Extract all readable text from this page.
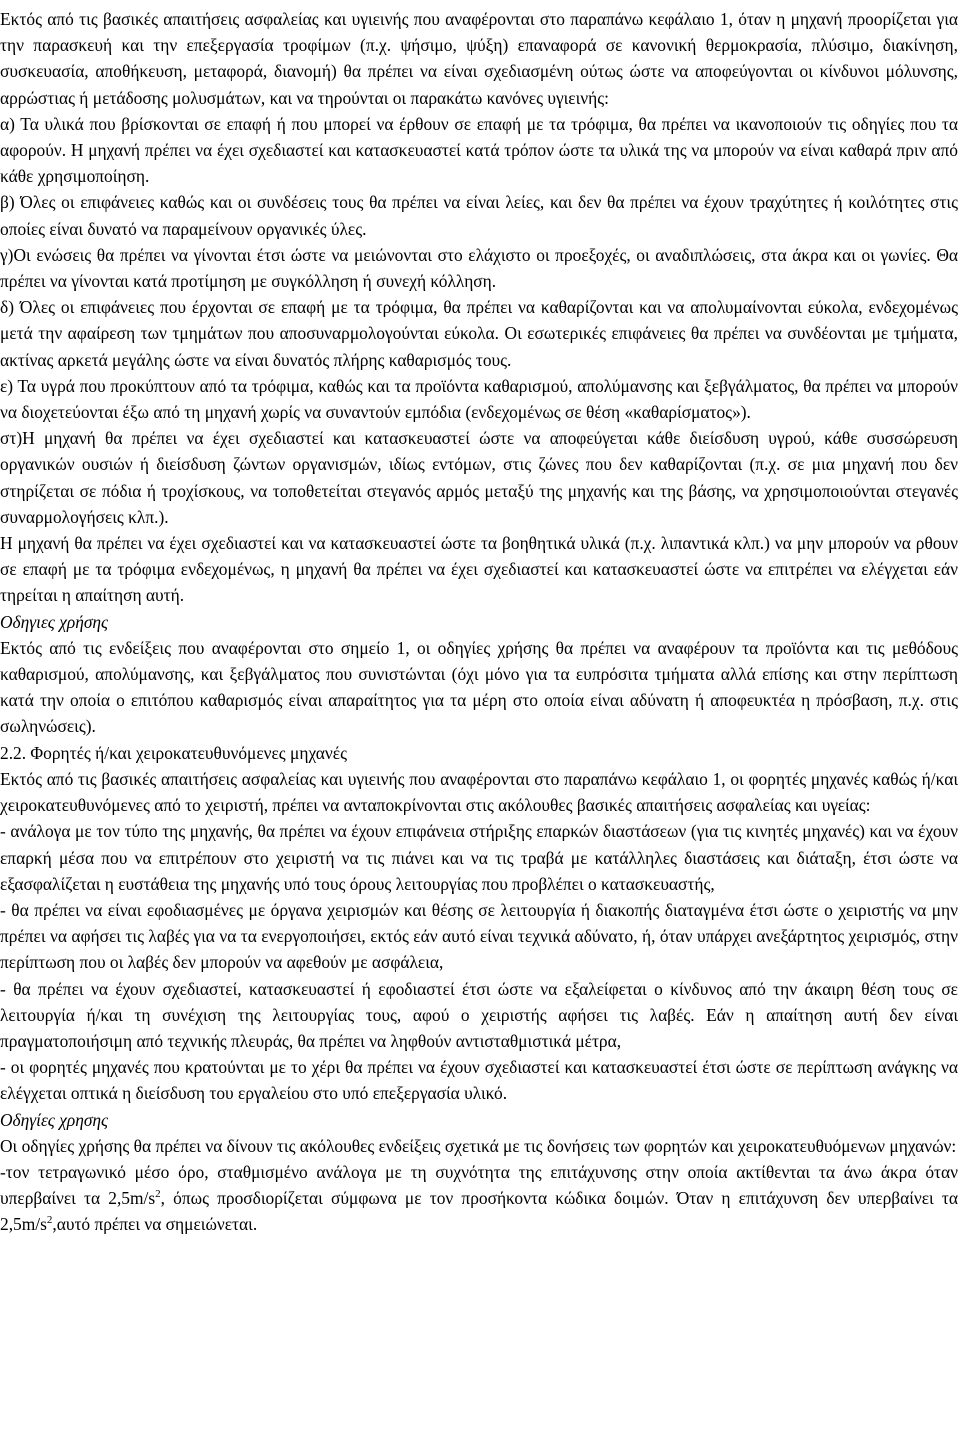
Εκτός από τις βασικές απαιτήσεις ασφαλείας και υγιεινής που αναφέρονται στο παραπάνω κεφάλαιο 1, όταν η μηχανή προορίζεται για την παρασκευή και την επεξεργασία τροφίμων (π.χ. ψήσιμο, ψύξη) επαναφορά σε κανονική θερμοκρασία, πλύσιμο, διακίνηση, συσκευασία, αποθήκευση, μεταφορά, διανομή) θα πρέπει να είναι σχεδιασμένη ούτως ώστε να αποφεύγονται οι κίνδυνοι μόλυνσης, αρρώστιας ή μετάδοσης μολυσμάτων, και να τηρούνται οι παρακάτω κανόνες υγιεινής:

α) Τα υλικά που βρίσκονται σε επαφή ή που μπορεί να έρθουν σε επαφή με τα τρόφιμα, θα πρέπει να ικανοποιούν τις οδηγίες που τα αφορούν. Η μηχανή πρέπει να έχει σχεδιαστεί και κατασκευαστεί κατά τρόπον ώστε τα υλικά της να μπορούν να είναι καθαρά πριν από κάθε χρησιμοποίηση.

β) Όλες οι επιφάνειες καθώς και οι συνδέσεις τους θα πρέπει να είναι λείες, και δεν θα πρέπει να έχουν τραχύτητες ή κοιλότητες στις οποίες είναι δυνατό να παραμείνουν οργανικές ύλες.

γ)Οι ενώσεις θα πρέπει να γίνονται έτσι ώστε να μειώνονται στο ελάχιστο οι προεξοχές, οι αναδιπλώσεις, στα άκρα και οι γωνίες. Θα πρέπει να γίνονται κατά προτίμηση με συγκόλληση ή συνεχή κόλληση.

δ) Όλες οι επιφάνειες που έρχονται σε επαφή με τα τρόφιμα, θα πρέπει να καθαρίζονται και να απολυμαίνονται εύκολα, ενδεχομένως μετά την αφαίρεση των τμημάτων που αποσυναρμολογούνται εύκολα. Οι εσωτερικές επιφάνειες θα πρέπει να συνδέονται με τμήματα, ακτίνας αρκετά μεγάλης ώστε να είναι δυνατός πλήρης καθαρισμός τους.

ε) Τα υγρά που προκύπτουν από τα τρόφιμα, καθώς και τα προϊόντα καθαρισμού, απολύμανσης και ξεβγάλματος, θα πρέπει να μπορούν να διοχετεύονται έξω από τη μηχανή χωρίς να συναντούν εμπόδια (ενδεχομένως σε θέση «καθαρίσματος»).

στ)Η μηχανή θα πρέπει να έχει σχεδιαστεί και κατασκευαστεί ώστε να αποφεύγεται κάθε διείσδυση υγρού, κάθε συσσώρευση οργανικών ουσιών ή διείσδυση ζώντων οργανισμών, ιδίως εντόμων, στις ζώνες που δεν καθαρίζονται (π.χ. σε μια μηχανή που δεν στηρίζεται σε πόδια ή τροχίσκους, να τοποθετείται στεγανός αρμός μεταξύ της μηχανής και της βάσης, να χρησιμοποιούνται στεγανές συναρμολογήσεις κλπ.).

Η μηχανή θα πρέπει να έχει σχεδιαστεί και να κατασκευαστεί ώστε τα βοηθητικά υλικά (π.χ. λιπαντικά κλπ.) να μην μπορούν να ρθουν σε επαφή με τα τρόφιμα ενδεχομένως, η μηχανή θα πρέπει να έχει σχεδιαστεί και κατασκευαστεί ώστε να επιτρέπει να ελέγχεται εάν τηρείται η απαίτηση αυτή.

Οδηγιες χρήσης

Εκτός από τις ενδείξεις που αναφέρονται στο σημείο 1, οι οδηγίες χρήσης θα πρέπει να αναφέρουν τα προϊόντα και τις μεθόδους καθαρισμού, απολύμανσης, και ξεβγάλματος που συνιστώνται (όχι μόνο για τα ευπρόσιτα τμήματα αλλά επίσης και στην περίπτωση κατά την οποία ο επιτόπου καθαρισμός είναι απαραίτητος για τα μέρη στο οποία είναι αδύνατη ή αποφευκτέα η πρόσβαση, π.χ. στις σωληνώσεις).

2.2. Φορητές ή/και χειροκατευθυνόμενες μηχανές

Εκτός από τις βασικές απαιτήσεις ασφαλείας και υγιεινής που αναφέρονται στο παραπάνω κεφάλαιο 1, οι φορητές μηχανές καθώς ή/και χειροκατευθυνόμενες από το χειριστή, πρέπει να ανταποκρίνονται στις ακόλουθες βασικές απαιτήσεις ασφαλείας και υγείας:

- ανάλογα με τον τύπο της μηχανής, θα πρέπει να έχουν επιφάνεια στήριξης επαρκών διαστάσεων (για τις κινητές μηχανές) και να έχουν επαρκή μέσα που να επιτρέπουν στο χειριστή να τις πιάνει και να τις τραβά με κατάλληλες διαστάσεις και διάταξη, έτσι ώστε να εξασφαλίζεται η ευστάθεια της μηχανής υπό τους όρους λειτουργίας που προβλέπει ο κατασκευαστής,

- θα πρέπει να είναι εφοδιασμένες με όργανα χειρισμών και θέσης σε λειτουργία ή διακοπής διαταγμένα έτσι ώστε ο χειριστής να μην πρέπει να αφήσει τις λαβές για να τα ενεργοποιήσει, εκτός εάν αυτό είναι τεχνικά αδύνατο, ή, όταν υπάρχει ανεξάρτητος χειρισμός, στην περίπτωση που οι λαβές δεν μπορούν να αφεθούν με ασφάλεια,

- θα πρέπει να έχουν σχεδιαστεί, κατασκευαστεί ή εφοδιαστεί έτσι ώστε να εξαλείφεται ο κίνδυνος από την άκαιρη θέση τους σε λειτουργία ή/και τη συνέχιση της λειτουργίας τους, αφού ο χειριστής αφήσει τις λαβές. Εάν η απαίτηση αυτή δεν είναι πραγματοποιήσιμη από τεχνικής πλευράς, θα πρέπει να ληφθούν αντισταθμιστικά μέτρα,

- οι φορητές μηχανές που κρατούνται με το χέρι θα πρέπει να έχουν σχεδιαστεί και κατασκευαστεί έτσι ώστε σε περίπτωση ανάγκης να ελέγχεται οπτικά η διείσδυση του εργαλείου στο υπό επεξεργασία υλικό.

Οδηγίες χρησης

Οι οδηγίες χρήσης θα πρέπει να δίνουν τις ακόλουθες ενδείξεις σχετικά με τις δονήσεις των φορητών και χειροκατευθυόμενων μηχανών:

-τον τετραγωνικό μέσο όρο, σταθμισμένο ανάλογα με τη συχνότητα της επιτάχυνσης στην οποία ακτίθενται τα άνω άκρα όταν υπερβαίνει τα $2,5m/s^2$, όπως προσδιορίζεται σύμφωνα με τον προσήκοντα κώδικα δοιμών. Όταν η επιτάχυνση δεν υπερβαίνει τα $2,5m/s^2,\alpha\upsilon\tau ό$ πρέπει να σημειώνεται.
